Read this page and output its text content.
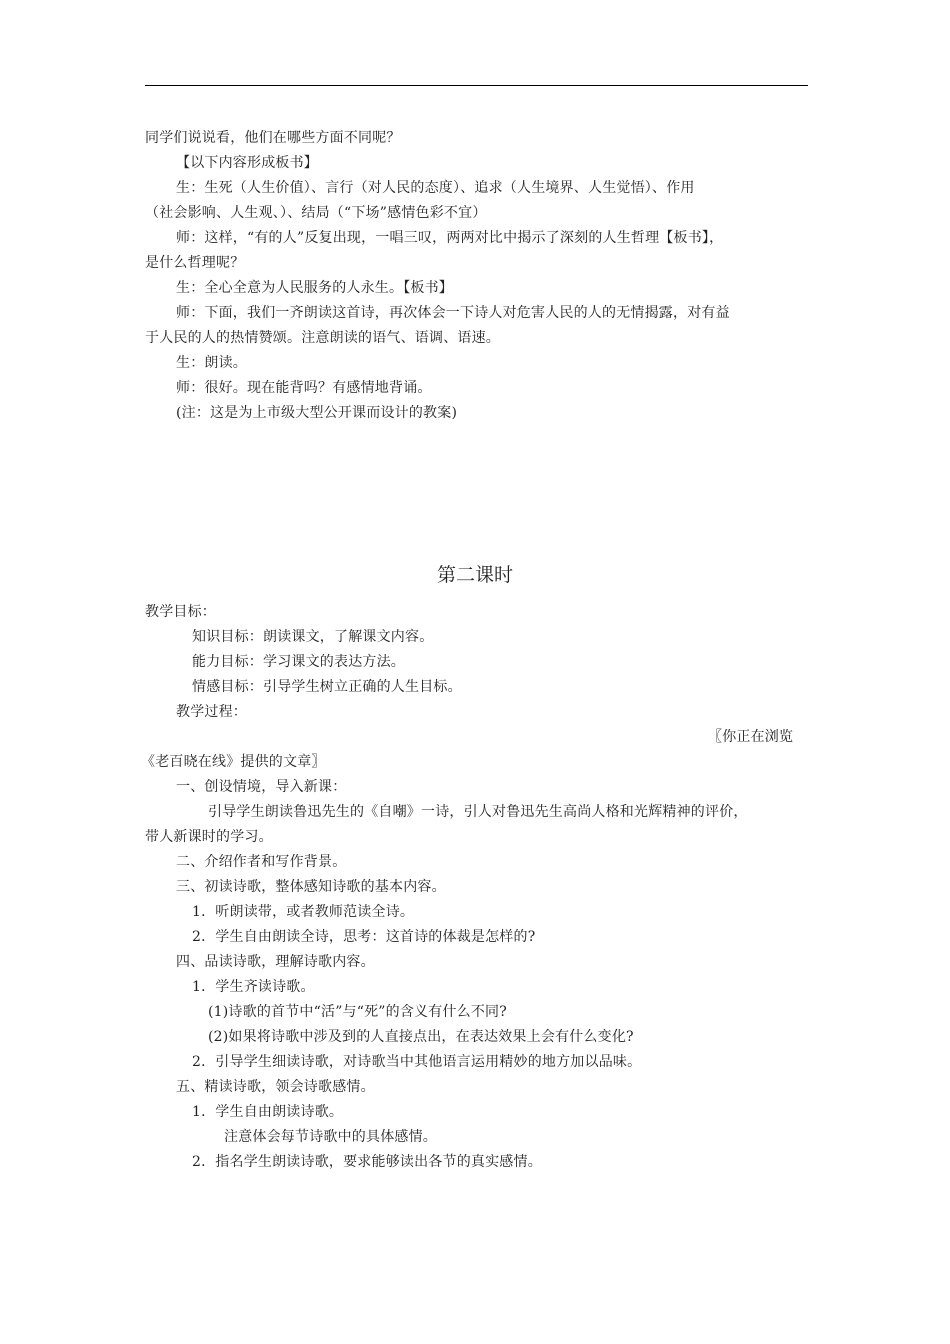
同学们说说看，他们在哪些方面不同呢？
【以下内容形成板书】
生：生死（人生价值）、言行（对人民的态度）、追求（人生境界、人生觉悟）、作用
（社会影响、人生观、）、结局（“下场”感情色彩不宜）
师：这样，“有的人”反复出现，一唱三叹，两两对比中揭示了深刻的人生哲理【板书】，
是什么哲理呢？
生：全心全意为人民服务的人永生。【板书】
师：下面，我们一齐朗读这首诗，再次体会一下诗人对危害人民的人的无情揭露，对有益
于人民的人的热情赞颂。注意朗读的语气、语调、语速。
生：朗读。
师：很好。现在能背吗？有感情地背诵。
(注：这是为上市级大型公开课而设计的教案)
第二课时
教学目标：
知识目标：朗读课文，了解课文内容。
能力目标：学习课文的表达方法。
情感目标：引导学生树立正确的人生目标。
教学过程：
〖你正在浏览
《老百晓在线》提供的文章〗
一、创设情境，导入新课：
引导学生朗读鲁迅先生的《自嘲》一诗，引人对鲁迅先生高尚人格和光辉精神的评价，
带人新课时的学习。
二、介绍作者和写作背景。
三、初读诗歌，整体感知诗歌的基本内容。
1．听朗读带，或者教师范读全诗。
2．学生自由朗读全诗，思考：这首诗的体裁是怎样的?
四、品读诗歌，理解诗歌内容。
1．学生齐读诗歌。
(1)诗歌的首节中“活”与“死”的含义有什么不同?
(2)如果将诗歌中涉及到的人直接点出，在表达效果上会有什么变化?
2．引导学生细读诗歌，对诗歌当中其他语言运用精妙的地方加以品味。
五、精读诗歌，领会诗歌感情。
1．学生自由朗读诗歌。
注意体会每节诗歌中的具体感情。
2．指名学生朗读诗歌，要求能够读出各节的真实感情。
